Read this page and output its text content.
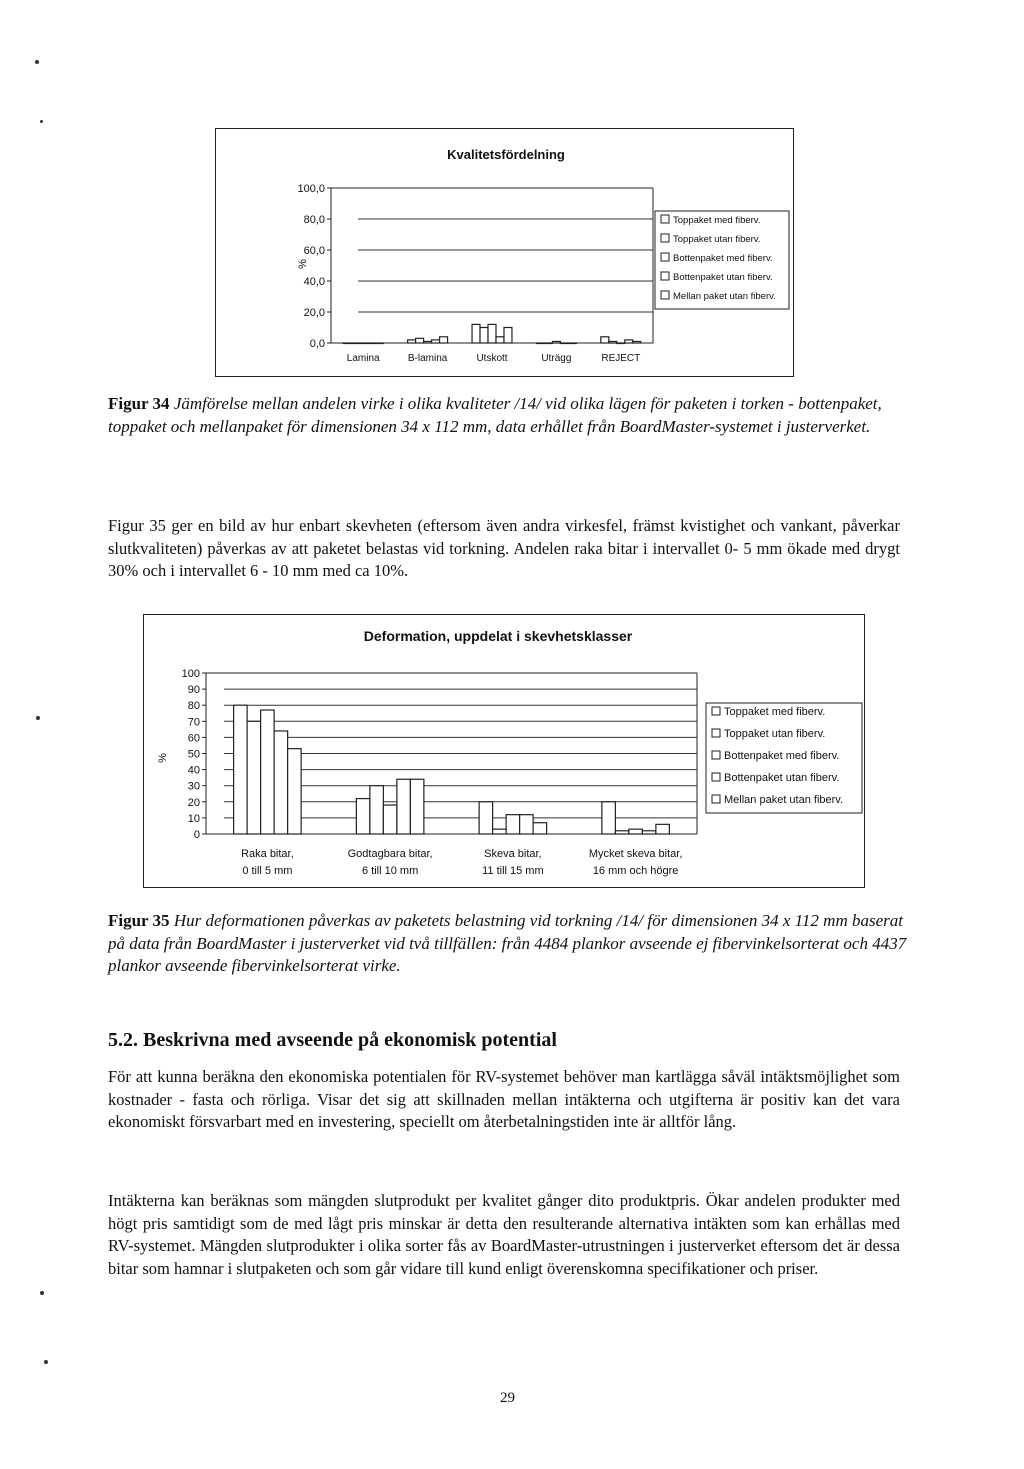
Kvalitetsfördelning
100,0
80,0
60,0
40,0
20,0
0,0
%
Lamina	B-lamina	Utskott	Uträgg	REJECT
Toppaket med fiberv.
Toppaket utan fiberv.
Bottenpaket med fiberv.
Bottenpaket utan fiberv.
Mellan paket utan fiberv.
Figur 34 Jämförelse mellan andelen virke i olika kvaliteter /14/ vid olika lägen för paketen i torken - bottenpaket, toppaket och mellanpaket för dimensionen 34 x 112 mm, data erhållet från BoardMaster-systemet i justerverket.
Figur 35 ger en bild av hur enbart skevheten (eftersom även andra virkesfel, främst kvistighet och vankant, påverkar slutkvaliteten) påverkas av att paketet belastas vid torkning. Andelen raka bitar i intervallet 0- 5 mm ökade med drygt 30% och i intervallet 6 - 10 mm med ca 10%.
Deformation, uppdelat i skevhetsklasser
100
90
80
70
60
50
40
30
20
10
0
%
Raka bitar,
0 till 5 mm
Godtagbara bitar,
6 till 10 mm
Skeva bitar,
11 till 15 mm
Mycket skeva bitar,
16 mm och högre
Toppaket med fiberv.
Toppaket utan fiberv.
Bottenpaket med fiberv.
Bottenpaket utan fiberv.
Mellan paket utan fiberv.
Figur 35 Hur deformationen påverkas av paketets belastning vid torkning /14/ för dimensionen 34 x 112 mm baserat på data från BoardMaster i justerverket vid två tillfällen: från 4484 plankor avseende ej fibervinkelsorterat och 4437 plankor avseende fibervinkelsorterat virke.
5.2. Beskrivna med avseende på ekonomisk potential
För att kunna beräkna den ekonomiska potentialen för RV-systemet behöver man kartlägga såväl intäktsmöjlighet som kostnader - fasta och rörliga. Visar det sig att skillnaden mellan intäkterna och utgifterna är positiv kan det vara ekonomiskt försvarbart med en investering, speciellt om återbetalningstiden inte är alltför lång.
Intäkterna kan beräknas som mängden slutprodukt per kvalitet gånger dito produktpris. Ökar andelen produkter med högt pris samtidigt som de med lågt pris minskar är detta den resulterande alternativa intäkten som kan erhållas med RV-systemet. Mängden slutprodukter i olika sorter fås av BoardMaster-utrustningen i justerverket eftersom det är dessa bitar som hamnar i slutpaketen och som går vidare till kund enligt överenskomna specifikationer och priser.
29
